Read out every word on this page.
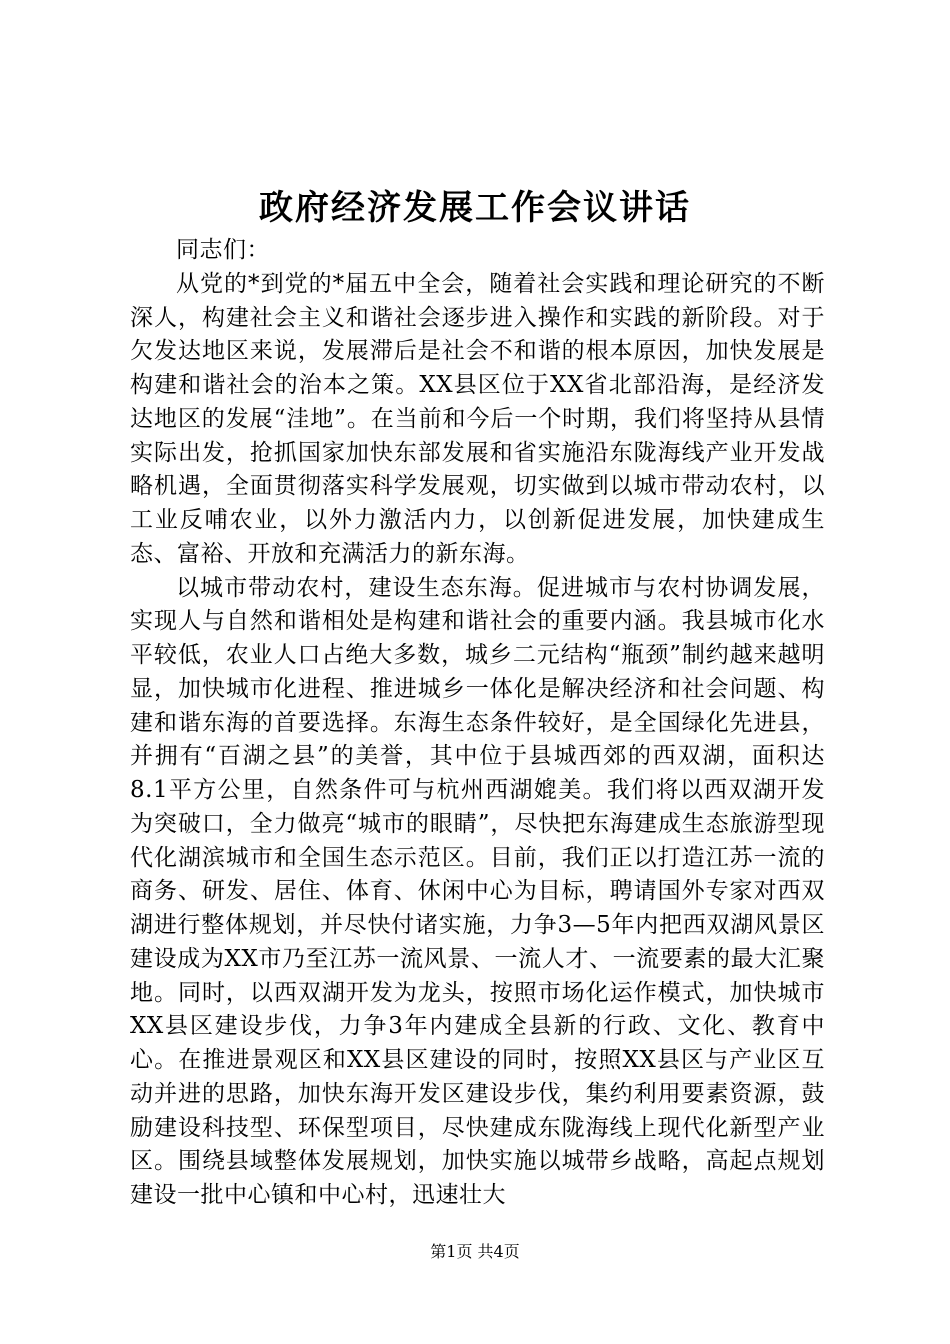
政府经济发展工作会议讲话

同志们：

从党的*到党的*届五中全会，随着社会实践和理论研究的不断深人，构建社会主义和谐社会逐步进入操作和实践的新阶段。对于欠发达地区来说，发展滞后是社会不和谐的根本原因，加快发展是构建和谐社会的治本之策。XX县区位于XX省北部沿海，是经济发达地区的发展“洼地”。在当前和今后一个时期，我们将坚持从县情实际出发，抢抓国家加快东部发展和省实施沿东陇海线产业开发战略机遇，全面贯彻落实科学发展观，切实做到以城市带动农村，以工业反哺农业，以外力激活内力，以创新促进发展，加快建成生态、富裕、开放和充满活力的新东海。

以城市带动农村，建设生态东海。促进城市与农村协调发展，实现人与自然和谐相处是构建和谐社会的重要内涵。我县城市化水平较低，农业人口占绝大多数，城乡二元结构“瓶颈”制约越来越明显，加快城市化进程、推进城乡一体化是解决经济和社会问题、构建和谐东海的首要选择。东海生态条件较好，是全国绿化先进县，并拥有“百湖之县”的美誉，其中位于县城西郊的西双湖，面积达8.1平方公里，自然条件可与杭州西湖媲美。我们将以西双湖开发为突破口，全力做亮“城市的眼睛”，尽快把东海建成生态旅游型现代化湖滨城市和全国生态示范区。目前，我们正以打造江苏一流的商务、研发、居住、体育、休闲中心为目标，聘请国外专家对西双湖进行整体规划，并尽快付诸实施，力争3—5年内把西双湖风景区建设成为XX市乃至江苏一流风景、一流人才、一流要素的最大汇聚地。同时，以西双湖开发为龙头，按照市场化运作模式，加快城市XX县区建设步伐，力争3年内建成全县新的行政、文化、教育中心。在推进景观区和XX县区建设的同时，按照XX县区与产业区互动并进的思路，加快东海开发区建设步伐，集约利用要素资源，鼓励建设科技型、环保型项目，尽快建成东陇海线上现代化新型产业区。围绕县域整体发展规划，加快实施以城带乡战略，高起点规划建设一批中心镇和中心村，迅速壮大

第1页 共4页
